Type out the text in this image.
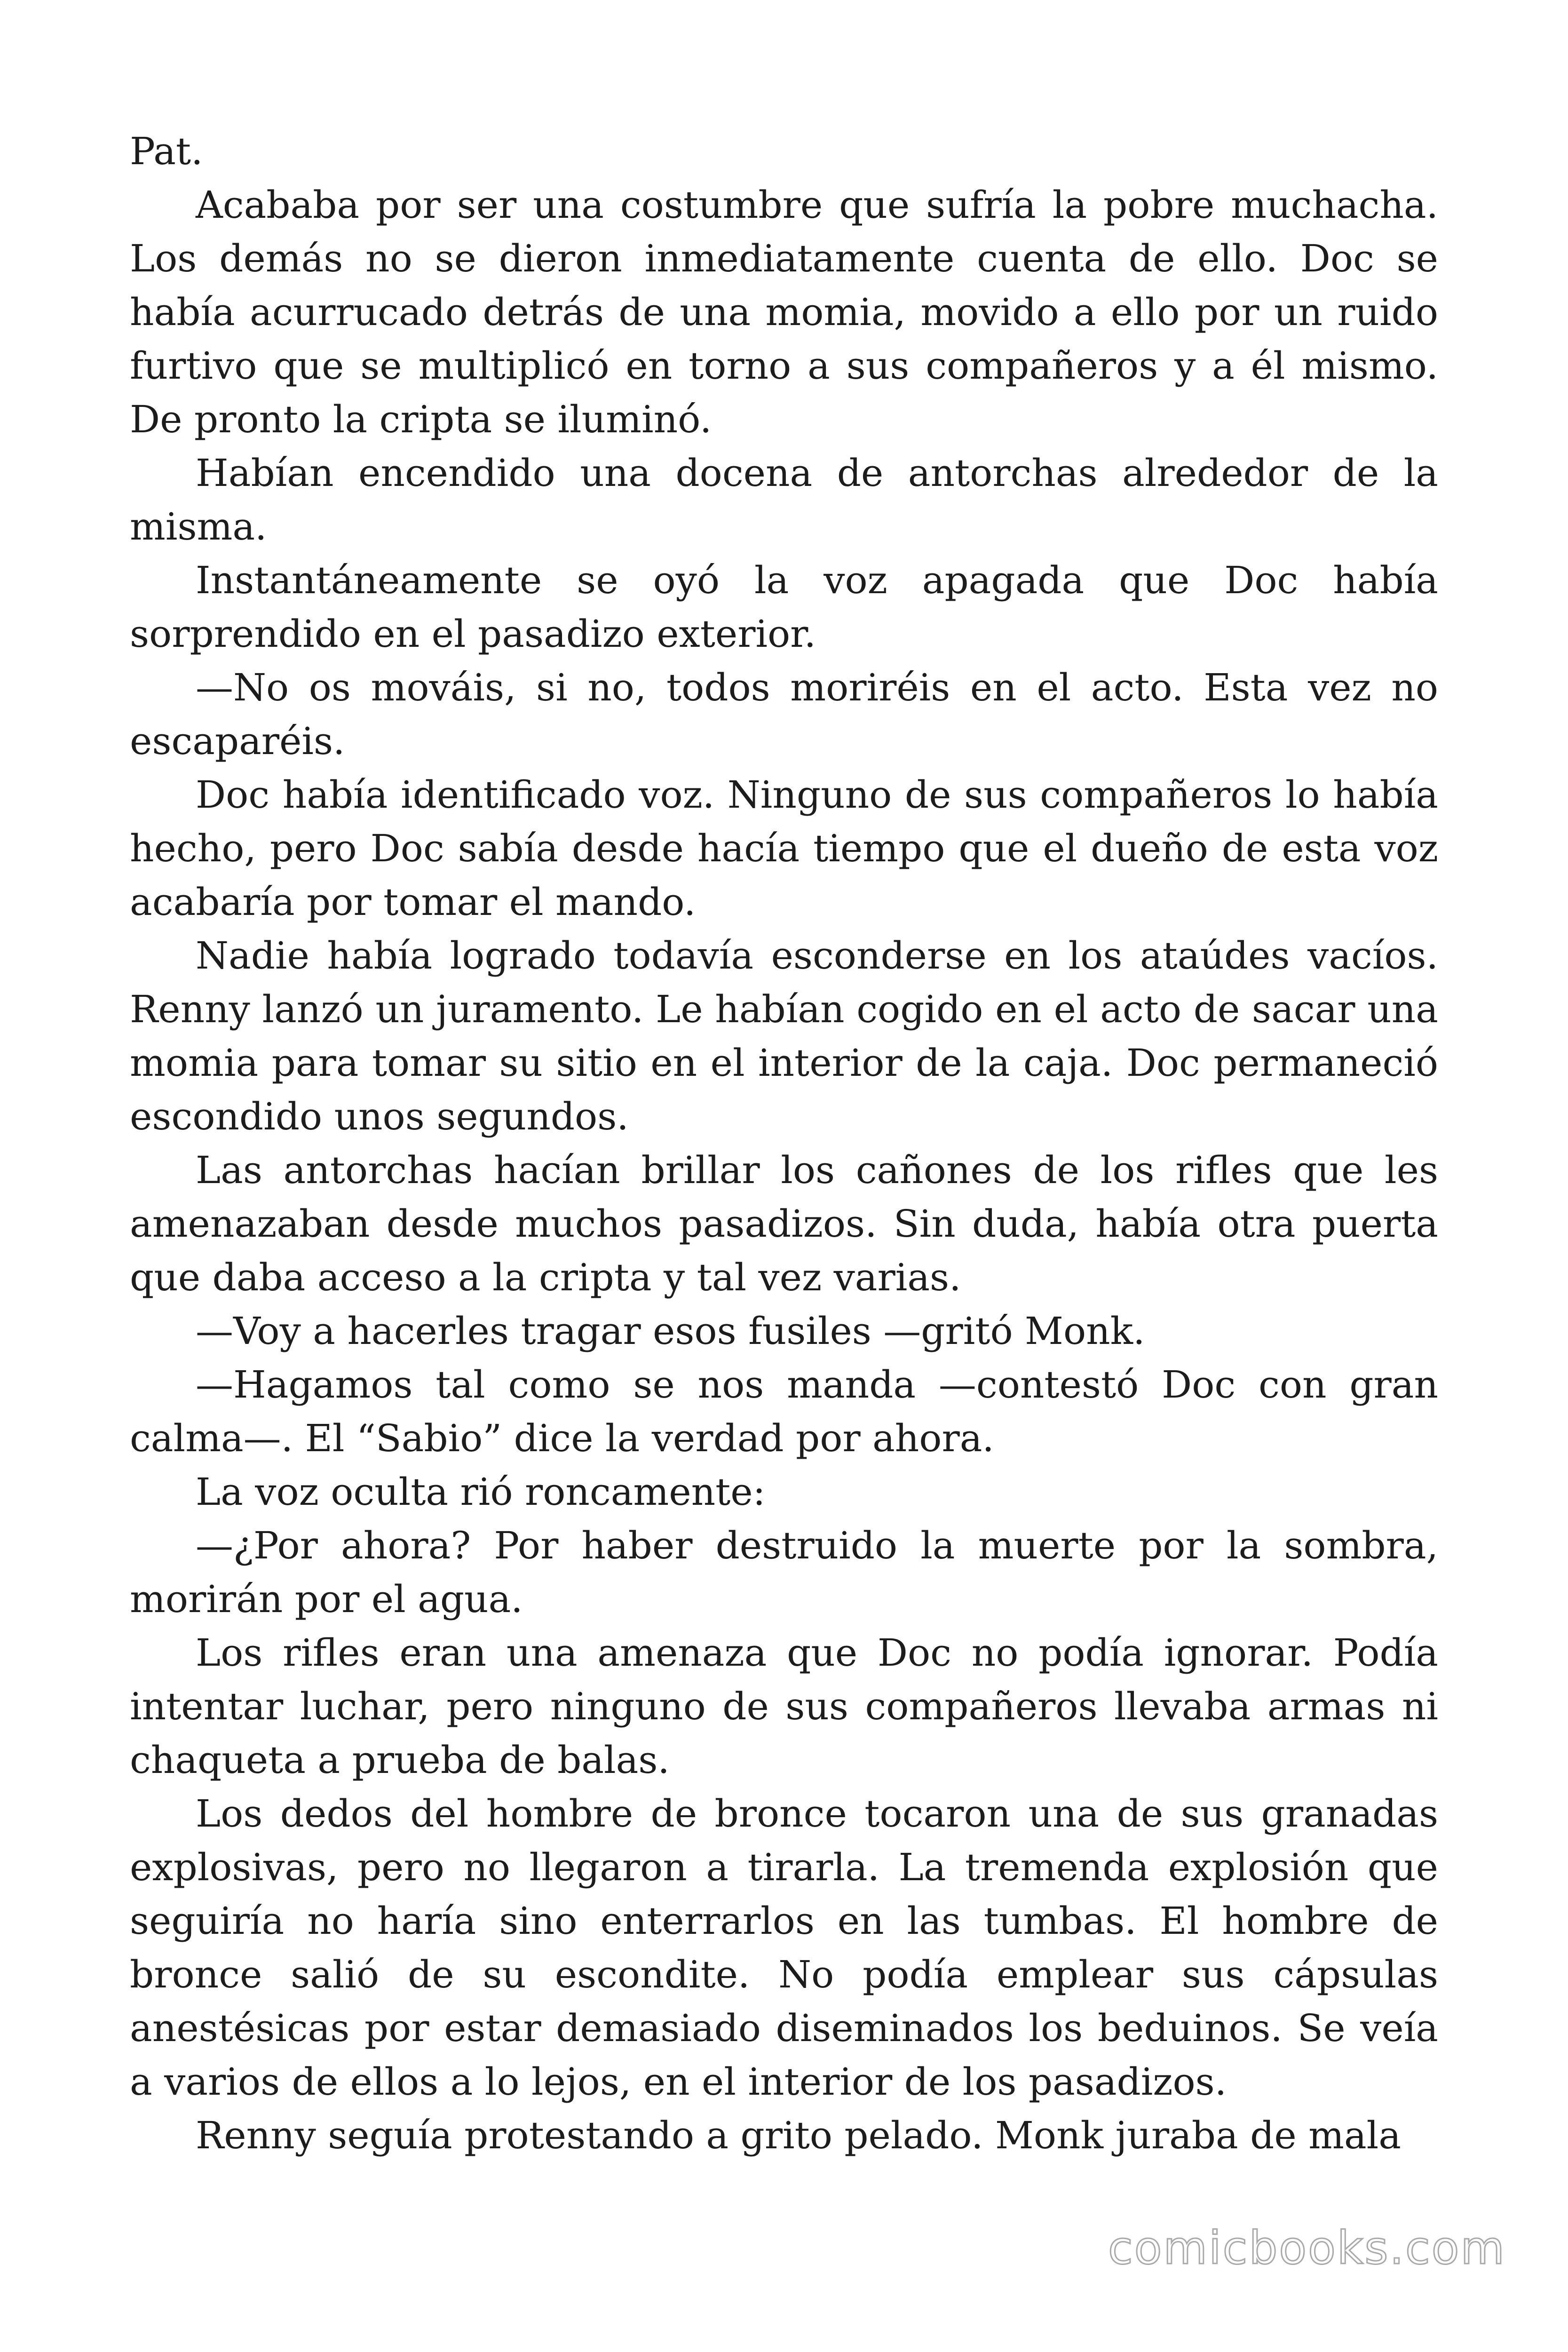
Pat.

Acababa por ser una costumbre que sufría la pobre muchacha. Los demás no se dieron inmediatamente cuenta de ello. Doc se había acurrucado detrás de una momia, movido a ello por un ruido furtivo que se multiplicó en torno a sus compañeros y a él mismo. De pronto la cripta se iluminó.

Habían encendido una docena de antorchas alrededor de la misma.

Instantáneamente se oyó la voz apagada que Doc había sorprendido en el pasadizo exterior.

—No os mováis, si no, todos moriréis en el acto. Esta vez no escaparéis.

Doc había identificado voz. Ninguno de sus compañeros lo había hecho, pero Doc sabía desde hacía tiempo que el dueño de esta voz acabaría por tomar el mando.

Nadie había logrado todavía esconderse en los ataúdes vacíos. Renny lanzó un juramento. Le habían cogido en el acto de sacar una momia para tomar su sitio en el interior de la caja. Doc permaneció escondido unos segundos.

Las antorchas hacían brillar los cañones de los rifles que les amenazaban desde muchos pasadizos. Sin duda, había otra puerta que daba acceso a la cripta y tal vez varias.

—Voy a hacerles tragar esos fusiles —gritó Monk.

—Hagamos tal como se nos manda —contestó Doc con gran calma—. El “Sabio” dice la verdad por ahora.

La voz oculta rió roncamente:

—¿Por ahora? Por haber destruido la muerte por la sombra, morirán por el agua.

Los rifles eran una amenaza que Doc no podía ignorar. Podía intentar luchar, pero ninguno de sus compañeros llevaba armas ni chaqueta a prueba de balas.

Los dedos del hombre de bronce tocaron una de sus granadas explosivas, pero no llegaron a tirarla. La tremenda explosión que seguiría no haría sino enterrarlos en las tumbas. El hombre de bronce salió de su escondite. No podía emplear sus cápsulas anestésicas por estar demasiado diseminados los beduinos. Se veía a varios de ellos a lo lejos, en el interior de los pasadizos.

Renny seguía protestando a grito pelado. Monk juraba de mala

comicbooks.com
